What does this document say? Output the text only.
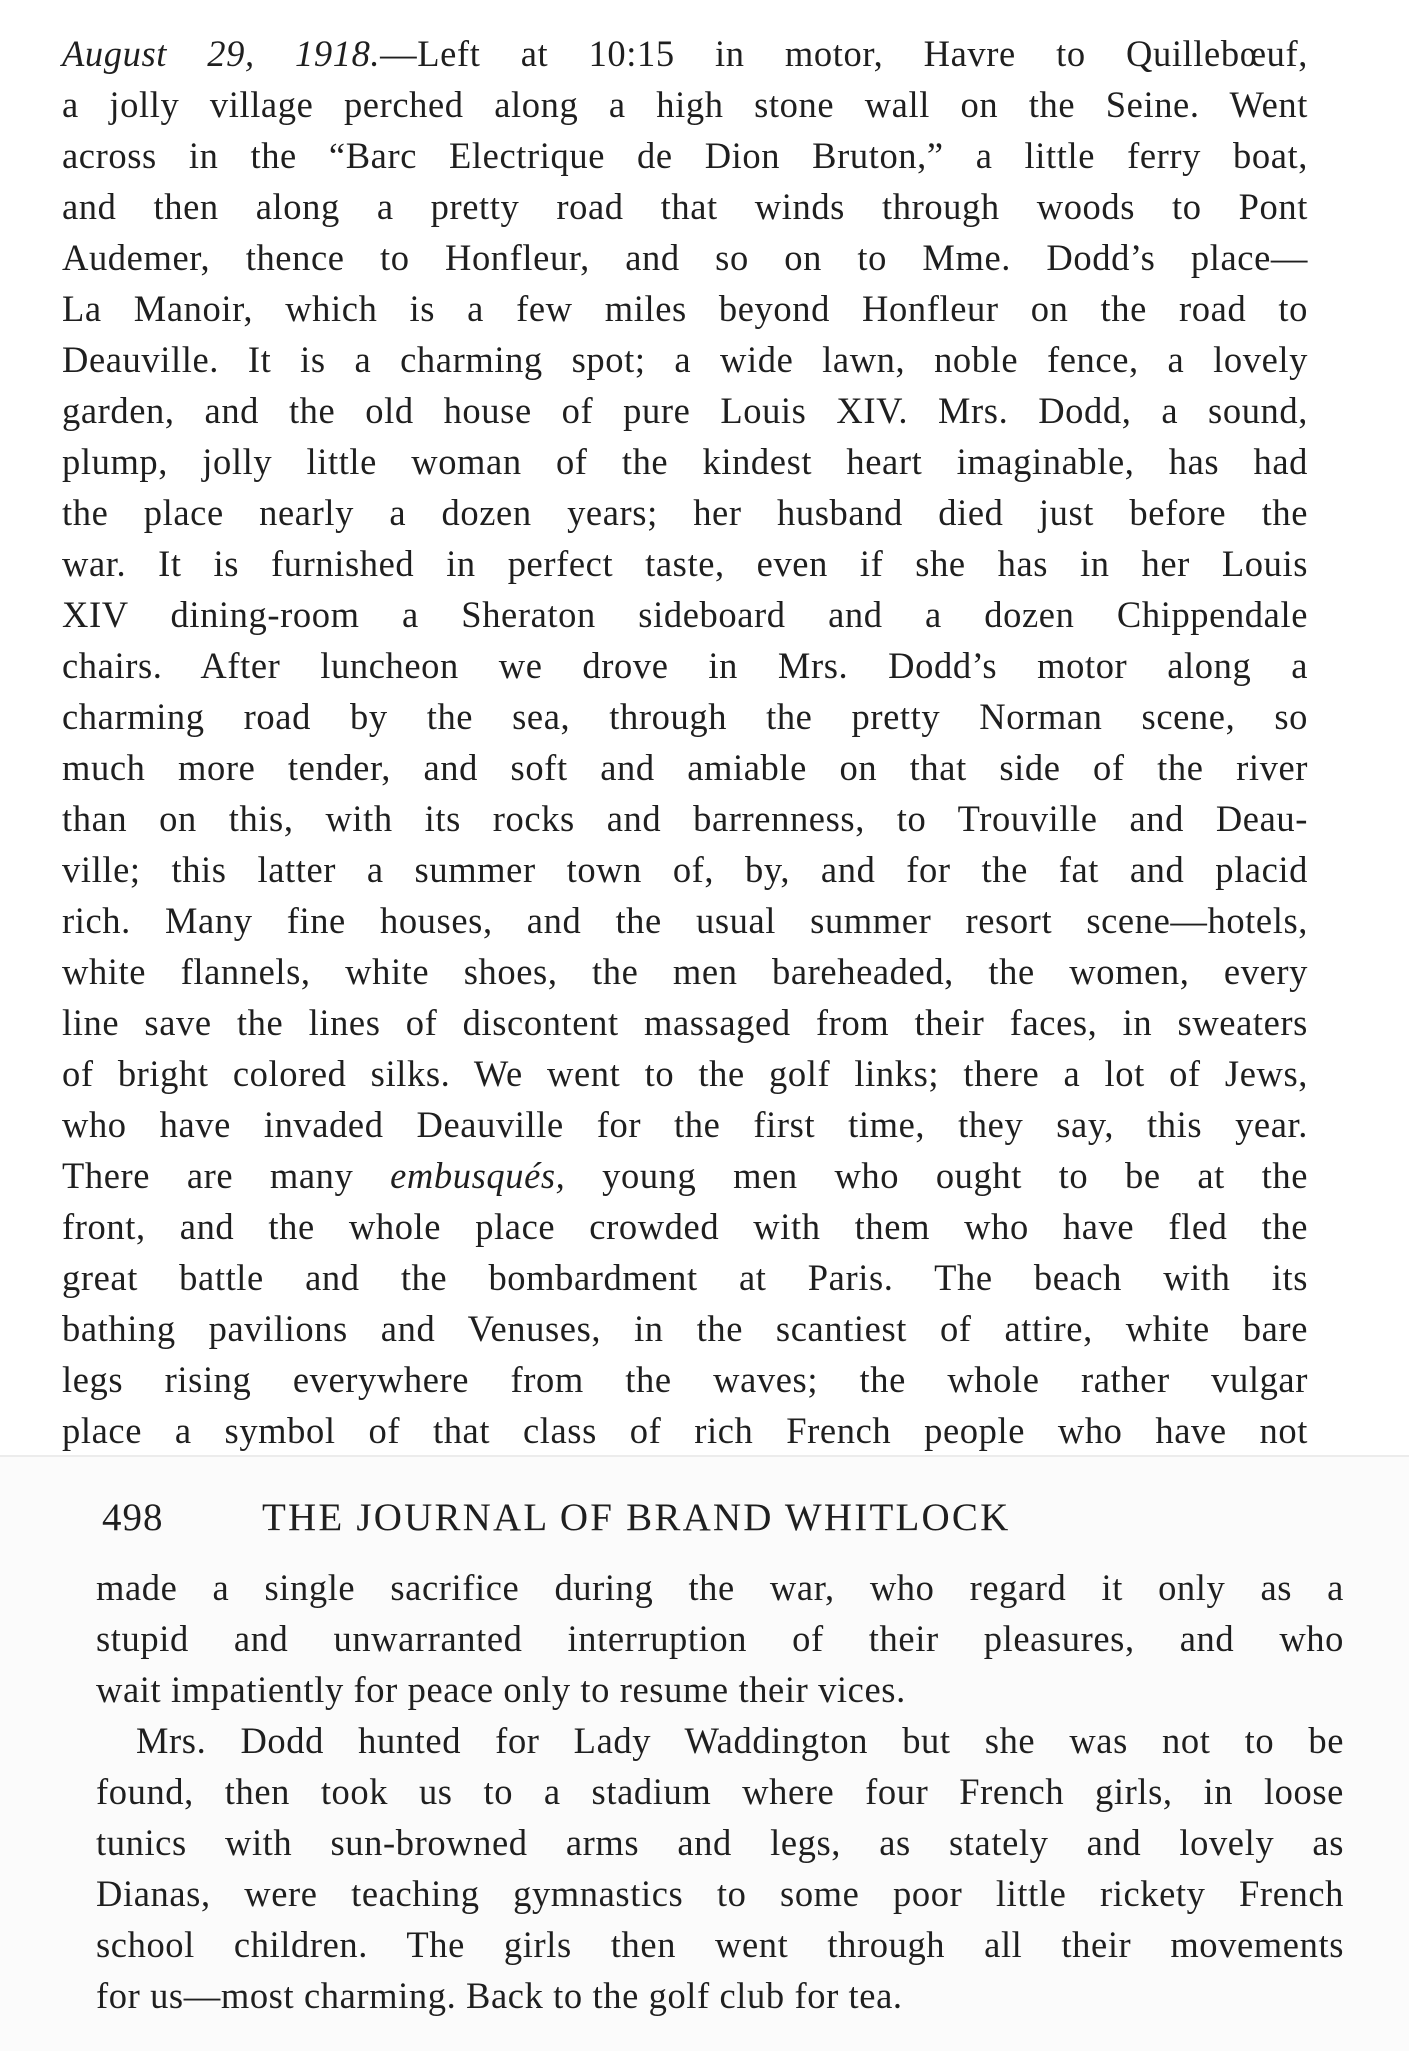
August 29, 1918.—Left at 10:15 in motor, Havre to Quillebœuf,
a jolly village perched along a high stone wall on the Seine. Went
across in the “Barc Electrique de Dion Bruton,” a little ferry boat,
and then along a pretty road that winds through woods to Pont
Audemer, thence to Honfleur, and so on to Mme. Dodd’s place—
La Manoir, which is a few miles beyond Honfleur on the road to
Deauville. It is a charming spot; a wide lawn, noble fence, a lovely
garden, and the old house of pure Louis XIV. Mrs. Dodd, a sound,
plump, jolly little woman of the kindest heart imaginable, has had
the place nearly a dozen years; her husband died just before the
war. It is furnished in perfect taste, even if she has in her Louis
XIV dining-room a Sheraton sideboard and a dozen Chippendale
chairs. After luncheon we drove in Mrs. Dodd’s motor along a
charming road by the sea, through the pretty Norman scene, so
much more tender, and soft and amiable on that side of the river
than on this, with its rocks and barrenness, to Trouville and Deau-
ville; this latter a summer town of, by, and for the fat and placid
rich. Many fine houses, and the usual summer resort scene—hotels,
white flannels, white shoes, the men bareheaded, the women, every
line save the lines of discontent massaged from their faces, in sweaters
of bright colored silks. We went to the golf links; there a lot of Jews,
who have invaded Deauville for the first time, they say, this year.
There are many embusqués, young men who ought to be at the
front, and the whole place crowded with them who have fled the
great battle and the bombardment at Paris. The beach with its
bathing pavilions and Venuses, in the scantiest of attire, white bare
legs rising everywhere from the waves; the whole rather vulgar
place a symbol of that class of rich French people who have not
498	THE JOURNAL OF BRAND WHITLOCK
made a single sacrifice during the war, who regard it only as a
stupid and unwarranted interruption of their pleasures, and who
wait impatiently for peace only to resume their vices.
Mrs. Dodd hunted for Lady Waddington but she was not to be
found, then took us to a stadium where four French girls, in loose
tunics with sun-browned arms and legs, as stately and lovely as
Dianas, were teaching gymnastics to some poor little rickety French
school children. The girls then went through all their movements
for us—most charming. Back to the golf club for tea.
